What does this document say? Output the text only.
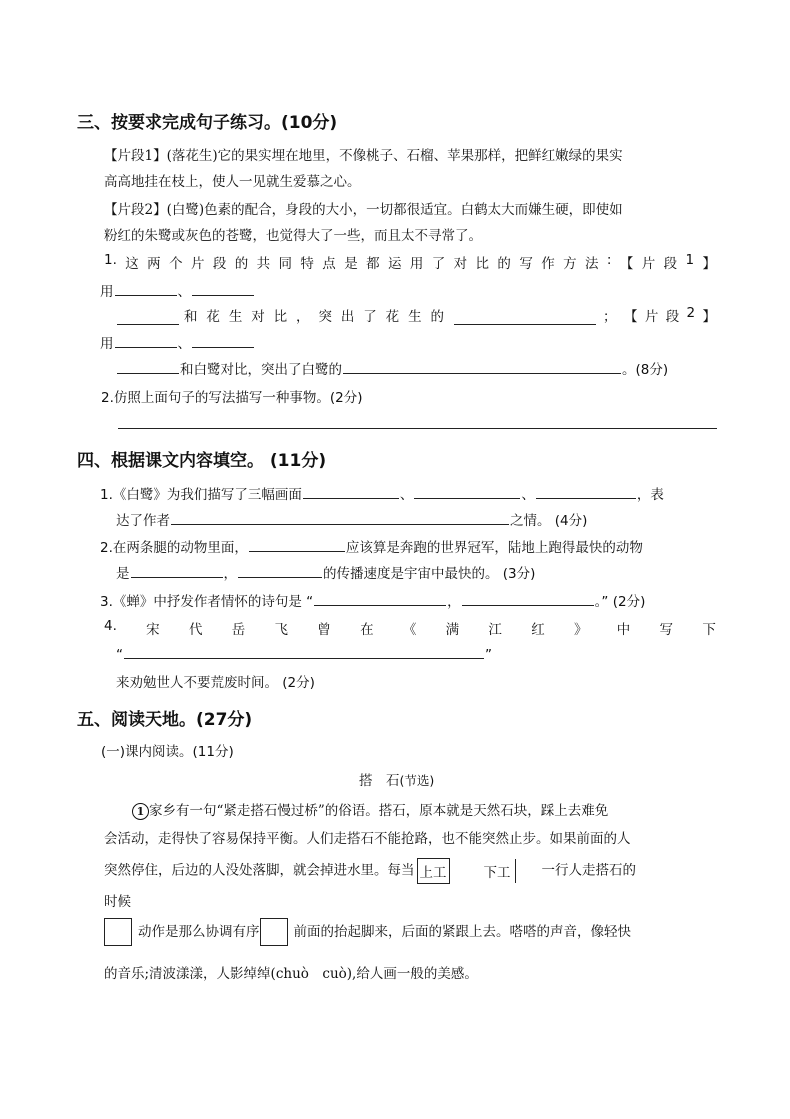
三、按要求完成句子练习。(10分)
【片段1】(落花生)它的果实埋在地里，不像桃子、石榴、苹果那样，把鲜红嫩绿的果实
高高地挂在枝上，使人一见就生爱慕之心。
【片段2】(白鹭)色素的配合，身段的大小，一切都很适宜。白鹤太大而嫌生硬，即使如
粉红的朱鹭或灰色的苍鹭，也觉得大了一些，而且太不寻常了。
1. 这 两 个 片 段 的 共 同 特 点 是 都 运 用 了 对 比 的 写 作 方 法 : 【 片 段 1 】
用	、
和 花 生 对 比 ， 突 出 了 花 生 的	； 【 片 段 2 】
用	、
和白鹭对比，突出了白鹭的	。(8分)
2.仿照上面句子的写法描写一种事物。(2分)
四、根据课文内容填空。 (11分)
1.《白鹭》为我们描写了三幅画面	、	、	，表
达了作者	之情。 (4分)
2.在两条腿的动物里面，	应该算是奔跑的世界冠军，陆地上跑得最快的动物
是	，	的传播速度是宇宙中最快的。 (3分)
3.《蝉》中抒发作者情怀的诗句是 “	，	。” (2分)
4. 宋 代 岳 飞 曾 在 《 满 江 红 》 中 写 下
“	”
来劝勉世人不要荒废时间。 (2分)
五、阅读天地。(27分)
(一)课内阅读。(11分)
搭　石(节选)
1 家乡有一句“紧走搭石慢过桥”的俗语。搭石，原本就是天然石块，踩上去难免
会活动，走得快了容易保持平衡。人们走搭石不能抢路，也不能突然止步。如果前面的人
突然停住，后边的人没处落脚，就会掉进水里。每当 上工	下工 一行人走搭石的
时候
动作是那么协调有序	前面的抬起脚来，后面的紧跟上去。嗒嗒的声音，像轻快
的音乐;清波漾漾，人影绰绰(chuò　cuò),给人画一般的美感。
